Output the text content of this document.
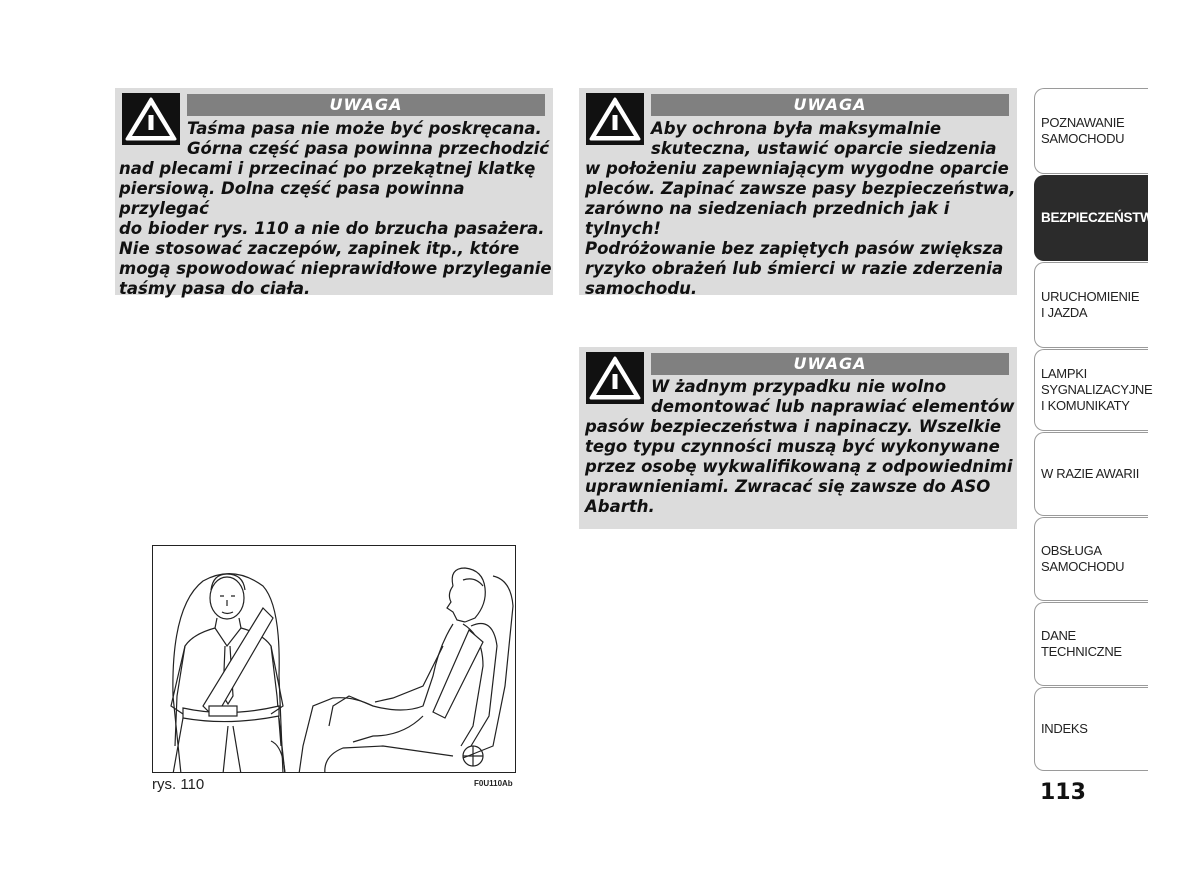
UWAGA
Taśma pasa nie może być poskręcana.
Górna część pasa powinna przechodzić
nad plecami i przecinać po przekątnej klatkę
piersiową. Dolna część pasa powinna przylegać
do bioder rys. 110 a nie do brzucha pasażera.
Nie stosować zaczepów, zapinek itp., które
mogą spowodować nieprawidłowe przyleganie
taśmy pasa do ciała.
UWAGA
Aby ochrona była maksymalnie
skuteczna, ustawić oparcie siedzenia
w położeniu zapewniającym wygodne oparcie
pleców. Zapinać zawsze pasy bezpieczeństwa,
zarówno na siedzeniach przednich jak i tylnych!
Podróżowanie bez zapiętych pasów zwiększa
ryzyko obrażeń lub śmierci w razie zderzenia
samochodu.
UWAGA
W żadnym przypadku nie wolno
demontować lub naprawiać elementów
pasów bezpieczeństwa i napinaczy. Wszelkie
tego typu czynności muszą być wykonywane
przez osobę wykwalifikowaną z odpowiednimi
uprawnieniami. Zwracać się zawsze do ASO
Abarth.
rys. 110	F0U110Ab
POZNAWANIE
SAMOCHODU
BEZPIECZEŃSTWO
URUCHOMIENIE
I JAZDA
LAMPKI
SYGNALIZACYJNE
I KOMUNIKATY
W RAZIE AWARII
OBSŁUGA
SAMOCHODU
DANE
TECHNICZNE
INDEKS
113
